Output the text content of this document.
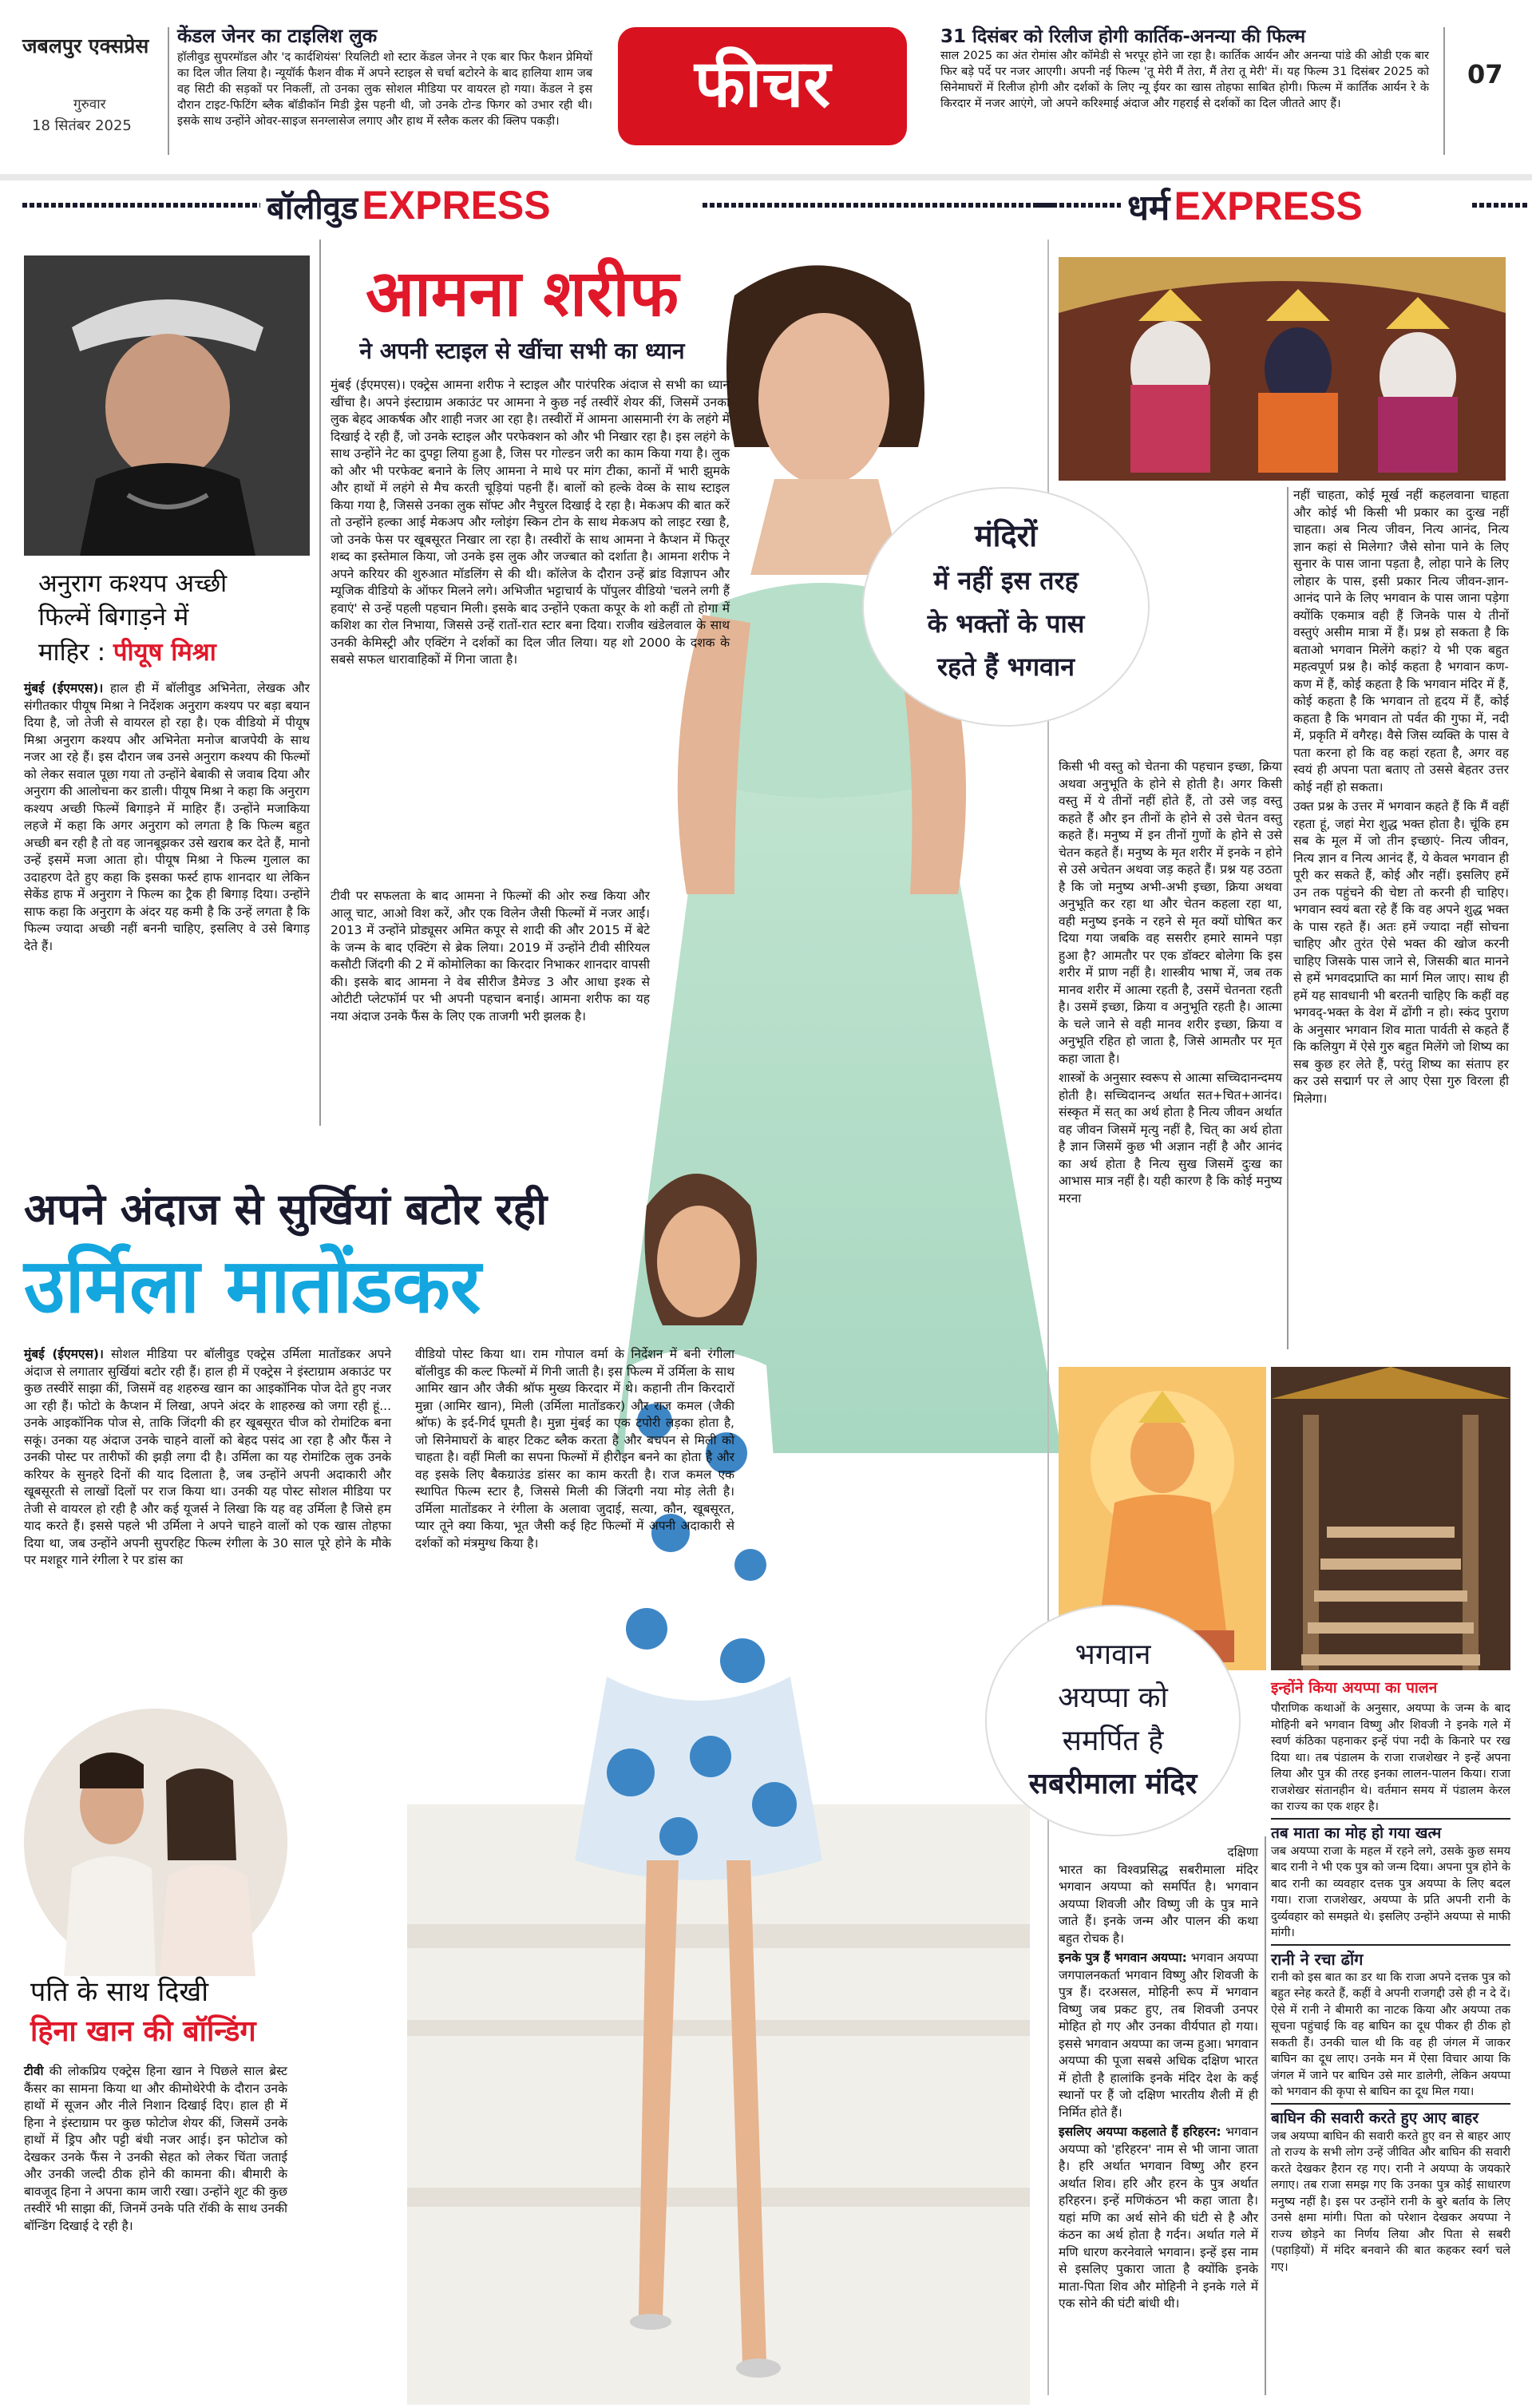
जबलपुर एक्सप्रेस
गुरुवार
18 सितंबर 2025
केंडल जेनर का टाइलिश लुक
हॉलीवुड सुपरमॉडल और 'द कार्दशियंस' रियलिटी शो स्टार केंडल जेनर ने एक बार फिर फैशन प्रेमियों का दिल जीत लिया है। न्यूयॉर्क फैशन वीक में अपने स्टाइल से चर्चा बटोरने के बाद हालिया शाम जब वह सिटी की सड़कों पर निकलीं, तो उनका लुक सोशल मीडिया पर वायरल हो गया। केंडल ने इस दौरान टाइट-फिटिंग ब्लैक बॉडीकॉन मिडी ड्रेस पहनी थी, जो उनके टोन्ड फिगर को उभार रही थी। इसके साथ उन्होंने ओवर-साइज सनग्लासेज लगाए और हाथ में स्लैक कलर की क्लिप पकड़ी।	फीचर
31 दिसंबर को रिलीज होगी कार्तिक-अनन्या की फिल्म
साल 2025 का अंत रोमांस और कॉमेडी से भरपूर होने जा रहा है। कार्तिक आर्यन और अनन्या पांडे की ओडी एक बार फिर बड़े पर्दे पर नजर आएगी। अपनी नई फिल्म 'तू मेरी मैं तेरा, मैं तेरा तू मेरी' में। यह फिल्म 31 दिसंबर 2025 को सिनेमाघरों में रिलीज होगी और दर्शकों के लिए न्यू ईयर का खास तोहफा साबित होगी। फिल्म में कार्तिक आर्यन रे के किरदार में नजर आएंगे, जो अपने करिश्माई अंदाज और गहराई से दर्शकों का दिल जीतते आए हैं।
07
बॉलीवुड EXPRESS	धर्म EXPRESS
अनुराग कश्यप अच्छी
फिल्में बिगाड़ने में
माहिर : पीयूष मिश्रा
मुंबई (ईएमएस)। हाल ही में बॉलीवुड अभिनेता, लेखक और संगीतकार पीयूष मिश्रा ने निर्देशक अनुराग कश्यप पर बड़ा बयान दिया है, जो तेजी से वायरल हो रहा है। एक वीडियो में पीयूष मिश्रा अनुराग कश्यप और अभिनेता मनोज बाजपेयी के साथ नजर आ रहे हैं। इस दौरान जब उनसे अनुराग कश्यप की फिल्मों को लेकर सवाल पूछा गया तो उन्होंने बेबाकी से जवाब दिया और अनुराग की आलोचना कर डाली। पीयूष मिश्रा ने कहा कि अनुराग कश्यप अच्छी फिल्में बिगाड़ने में माहिर हैं। उन्होंने मजाकिया लहजे में कहा कि अगर अनुराग को लगता है कि फिल्म बहुत अच्छी बन रही है तो वह जानबूझकर उसे खराब कर देते हैं, मानो उन्हें इसमें मजा आता हो। पीयूष मिश्रा ने फिल्म गुलाल का उदाहरण देते हुए कहा कि इसका फर्स्ट हाफ शानदार था लेकिन सेकेंड हाफ में अनुराग ने फिल्म का ट्रैक ही बिगाड़ दिया। उन्होंने साफ कहा कि अनुराग के अंदर यह कमी है कि उन्हें लगता है कि फिल्म ज्यादा अच्छी नहीं बननी चाहिए, इसलिए वे उसे बिगाड़ देते हैं।
आमना शरीफ
ने अपनी स्टाइल से खींचा सभी का ध्यान
मुंबई (ईएमएस)। एक्ट्रेस आमना शरीफ ने स्टाइल और पारंपरिक अंदाज से सभी का ध्यान खींचा है। अपने इंस्टाग्राम अकाउंट पर आमना ने कुछ नई तस्वीरें शेयर कीं, जिसमें उनका लुक बेहद आकर्षक और शाही नजर आ रहा है। तस्वीरों में आमना आसमानी रंग के लहंगे में दिखाई दे रही हैं, जो उनके स्टाइल और परफेक्शन को और भी निखार रहा है। इस लहंगे के साथ उन्होंने नेट का दुपट्टा लिया हुआ है, जिस पर गोल्डन जरी का काम किया गया है। लुक को और भी परफेक्ट बनाने के लिए आमना ने माथे पर मांग टीका, कानों में भारी झुमके और हाथों में लहंगे से मैच करती चूड़ियां पहनी हैं। बालों को हल्के वेव्स के साथ स्टाइल किया गया है, जिससे उनका लुक सॉफ्ट और नैचुरल दिखाई दे रहा है। मेकअप की बात करें तो उन्होंने हल्का आई मेकअप और ग्लोइंग स्किन टोन के साथ मेकअप को लाइट रखा है, जो उनके फेस पर खूबसूरत निखार ला रहा है। तस्वीरों के साथ आमना ने कैप्शन में फितूर शब्द का इस्तेमाल किया, जो उनके इस लुक और जज्बात को दर्शाता है। आमना शरीफ ने अपने करियर की शुरुआत मॉडलिंग से की थी। कॉलेज के दौरान उन्हें ब्रांड विज्ञापन और म्यूजिक वीडियो के ऑफर मिलने लगे। अभिजीत भट्टाचार्य के पॉपुलर वीडियो 'चलने लगी हैं हवाएं' से उन्हें पहली पहचान मिली। इसके बाद उन्होंने एकता कपूर के शो कहीं तो होगा में कशिश का रोल निभाया, जिससे उन्हें रातों-रात स्टार बना दिया। राजीव खंडेलवाल के साथ उनकी केमिस्ट्री और एक्टिंग ने दर्शकों का दिल जीत लिया। यह शो 2000 के दशक के सबसे सफल धारावाहिकों में गिना जाता है।
टीवी पर सफलता के बाद आमना ने फिल्मों की ओर रुख किया और आलू चाट, आओ विश करें, और एक विलेन जैसी फिल्मों में नजर आईं। 2013 में उन्होंने प्रोड्यूसर अमित कपूर से शादी की और 2015 में बेटे के जन्म के बाद एक्टिंग से ब्रेक लिया। 2019 में उन्होंने टीवी सीरियल कसौटी जिंदगी की 2 में कोमोलिका का किरदार निभाकर शानदार वापसी की। इसके बाद आमना ने वेब सीरीज डैमेज्ड 3 और आधा इश्क से ओटीटी प्लेटफॉर्म पर भी अपनी पहचान बनाई। आमना शरीफ का यह नया अंदाज उनके फैंस के लिए एक ताजगी भरी झलक है।
अपने अंदाज से सुर्खियां बटोर रही
उर्मिला मातोंडकर
मुंबई (ईएमएस)। सोशल मीडिया पर बॉलीवुड एक्ट्रेस उर्मिला मातोंडकर अपने अंदाज से लगातार सुर्खियां बटोर रही हैं। हाल ही में एक्ट्रेस ने इंस्टाग्राम अकाउंट पर कुछ तस्वीरें साझा कीं, जिसमें वह शहरुख खान का आइकॉनिक पोज देते हुए नजर आ रही हैं। फोटो के कैप्शन में लिखा, अपने अंदर के शाहरुख को जगा रही हूं... उनके आइकॉनिक पोज से, ताकि जिंदगी की हर खूबसूरत चीज को रोमांटिक बना सकूं। उनका यह अंदाज उनके चाहने वालों को बेहद पसंद आ रहा है और फैंस ने उनकी पोस्ट पर तारीफों की झड़ी लगा दी है। उर्मिला का यह रोमांटिक लुक उनके करियर के सुनहरे दिनों की याद दिलाता है, जब उन्होंने अपनी अदाकारी और खूबसूरती से लाखों दिलों पर राज किया था। उनकी यह पोस्ट सोशल मीडिया पर तेजी से वायरल हो रही है और कई यूजर्स ने लिखा कि यह वह उर्मिला है जिसे हम याद करते हैं। इससे पहले भी उर्मिला ने अपने चाहने वालों को एक खास तोहफा दिया था, जब उन्होंने अपनी सुपरहिट फिल्म रंगीला के 30 साल पूरे होने के मौके पर मशहूर गाने रंगीला रे पर डांस का
वीडियो पोस्ट किया था। राम गोपाल वर्मा के निर्देशन में बनी रंगीला बॉलीवुड की कल्ट फिल्मों में गिनी जाती है। इस फिल्म में उर्मिला के साथ आमिर खान और जैकी श्रॉफ मुख्य किरदार में थे। कहानी तीन किरदारों मुन्ना (आमिर खान), मिली (उर्मिला मातोंडकर) और राज कमल (जैकी श्रॉफ) के इर्द-गिर्द घूमती है। मुन्ना मुंबई का एक टपोरी लड़का होता है, जो सिनेमाघरों के बाहर टिकट ब्लैक करता है और बचपन से मिली को चाहता है। वहीं मिली का सपना फिल्मों में हीरोइन बनने का होता है और वह इसके लिए बैकग्राउंड डांसर का काम करती है। राज कमल एक स्थापित फिल्म स्टार है, जिससे मिली की जिंदगी नया मोड़ लेती है। उर्मिला मातोंडकर ने रंगीला के अलावा जुदाई, सत्या, कौन, खूबसूरत, प्यार तूने क्या किया, भूत जैसी कई हिट फिल्मों में अपनी अदाकारी से दर्शकों को मंत्रमुग्ध किया है।
पति के साथ दिखी
हिना खान की बॉन्डिंग
टीवी की लोकप्रिय एक्ट्रेस हिना खान ने पिछले साल ब्रेस्ट कैंसर का सामना किया था और कीमोथेरेपी के दौरान उनके हाथों में सूजन और नीले निशान दिखाई दिए। हाल ही में हिना ने इंस्टाग्राम पर कुछ फोटोज शेयर कीं, जिसमें उनके हाथों में ड्रिप और पट्टी बंधी नजर आई। इन फोटोज को देखकर उनके फैंस ने उनकी सेहत को लेकर चिंता जताई और उनकी जल्दी ठीक होने की कामना की। बीमारी के बावजूद हिना ने अपना काम जारी रखा। उन्होंने शूट की कुछ तस्वीरें भी साझा कीं, जिनमें उनके पति रॉकी के साथ उनकी बॉन्डिंग दिखाई दे रही है।
मंदिरों
में नहीं इस तरह
के भक्तों के पास
रहते हैं भगवान

किसी भी वस्तु को चेतना की पहचान इच्छा, क्रिया अथवा अनुभूति के होने से होती है। अगर किसी वस्तु में ये तीनों नहीं होते हैं, तो उसे जड़ वस्तु कहते हैं और इन तीनों के होने से उसे चेतन वस्तु कहते हैं। मनुष्य में इन तीनों गुणों के होने से उसे चेतन कहते हैं। मनुष्य के मृत शरीर में इनके न होने से उसे अचेतन अथवा जड़ कहते हैं। प्रश्न यह उठता है कि जो मनुष्य अभी-अभी इच्छा, क्रिया अथवा अनुभूति कर रहा था और चेतन कहला रहा था, वही मनुष्य इनके न रहने से मृत क्यों घोषित कर दिया गया जबकि वह ससरीर हमारे सामने पड़ा हुआ है? आमतौर पर एक डॉक्टर बोलेगा कि इस शरीर में प्राण नहीं है। शास्त्रीय भाषा में, जब तक मानव शरीर में आत्मा रहती है, उसमें चेतनता रहती है। उसमें इच्छा, क्रिया व अनुभूति रहती है। आत्मा के चले जाने से वही मानव शरीर इच्छा, क्रिया व अनुभूति रहित हो जाता है, जिसे आमतौर पर मृत कहा जाता है।

शास्त्रों के अनुसार स्वरूप से आत्मा सच्चिदानन्दमय होती है। सच्चिदानन्द अर्थात सत+चित+आनंद। संस्कृत में सत् का अर्थ होता है नित्य जीवन अर्थात वह जीवन जिसमें मृत्यु नहीं है, चित् का अर्थ होता है ज्ञान जिसमें कुछ भी अज्ञान नहीं है और आनंद का अर्थ होता है नित्य सुख जिसमें दुःख का आभास मात्र नहीं है। यही कारण है कि कोई मनुष्य मरना

नहीं चाहता, कोई मूर्ख नहीं कहलवाना चाहता और कोई भी किसी भी प्रकार का दुःख नहीं चाहता। अब नित्य जीवन, नित्य आनंद, नित्य ज्ञान कहां से मिलेगा? जैसे सोना पाने के लिए सुनार के पास जाना पड़ता है, लोहा पाने के लिए लोहार के पास, इसी प्रकार नित्य जीवन-ज्ञान-आनंद पाने के लिए भगवान के पास जाना पड़ेगा क्योंकि एकमात्र वही हैं जिनके पास ये तीनों वस्तुएं असीम मात्रा में हैं। प्रश्न हो सकता है कि बताओ भगवान मिलेंगे कहां? ये भी एक बहुत महत्वपूर्ण प्रश्न है। कोई कहता है भगवान कण-कण में हैं, कोई कहता है कि भगवान मंदिर में हैं, कोई कहता है कि भगवान तो हृदय में हैं, कोई कहता है कि भगवान तो पर्वत की गुफा में, नदी में, प्रकृति में वगैरह। वैसे जिस व्यक्ति के पास वे पता करना हो कि वह कहां रहता है, अगर वह स्वयं ही अपना पता बताए तो उससे बेहतर उत्तर कोई नहीं हो सकता।

उक्त प्रश्न के उत्तर में भगवान कहते हैं कि मैं वहीं रहता हूं, जहां मेरा शुद्ध भक्त होता है। चूंकि हम सब के मूल में जो तीन इच्छाएं- नित्य जीवन, नित्य ज्ञान व नित्य आनंद हैं, ये केवल भगवान ही पूरी कर सकते हैं, कोई और नहीं। इसलिए हमें उन तक पहुंचने की चेष्टा तो करनी ही चाहिए। भगवान स्वयं बता रहे हैं कि वह अपने शुद्ध भक्त के पास रहते हैं। अतः हमें ज्यादा नहीं सोचना चाहिए और तुरंत ऐसे भक्त की खोज करनी चाहिए जिसके पास जाने से, जिसकी बात मानने से हमें भगवदप्राप्ति का मार्ग मिल जाए। साथ ही हमें यह सावधानी भी बरतनी चाहिए कि कहीं वह भगवद्-भक्त के वेश में ढोंगी न हो। स्कंद पुराण के अनुसार भगवान शिव माता पार्वती से कहते हैं कि कलियुग में ऐसे गुरु बहुत मिलेंगे जो शिष्य का सब कुछ हर लेते हैं, परंतु शिष्य का संताप हर कर उसे सद्मार्ग पर ले आए ऐसा गुरु विरला ही मिलेगा।

भगवान
अयप्पा को
समर्पित है
सबरीमाला मंदिर
इन्होंने किया अयप्पा का पालन

पौराणिक कथाओं के अनुसार, अयप्पा के जन्म के बाद मोहिनी बने भगवान विष्णु और शिवजी ने इनके गले में स्वर्ण कंठिका पहनाकर इन्हें पंपा नदी के किनारे पर रख दिया था। तब पंडालम के राजा राजशेखर ने इन्हें अपना लिया और पुत्र की तरह इनका लालन-पालन किया। राजा राजशेखर संतानहीन थे। वर्तमान समय में पंडालम केरल का राज्य का एक शहर है।

तब माता का मोह हो गया खत्म

जब अयप्पा राजा के महल में रहने लगे, उसके कुछ समय बाद रानी ने भी एक पुत्र को जन्म दिया। अपना पुत्र होने के बाद रानी का व्यवहार दत्तक पुत्र अयप्पा के लिए बदल गया। राजा राजशेखर, अयप्पा के प्रति अपनी रानी के दुर्व्यवहार को समझते थे। इसलिए उन्होंने अयप्पा से माफी मांगी।

रानी ने रचा ढोंग

रानी को इस बात का डर था कि राजा अपने दत्तक पुत्र को बहुत स्नेह करते हैं, कहीं वे अपनी राजगद्दी उसे ही न दे दें। ऐसे में रानी ने बीमारी का नाटक किया और अयप्पा तक सूचना पहुंचाई कि वह बाघिन का दूध पीकर ही ठीक हो सकती हैं। उनकी चाल थी कि वह ही जंगल में जाकर बाघिन का दूध लाए। उनके मन में ऐसा विचार आया कि जंगल में जाने पर बाघिन उसे मार डालेगी, लेकिन अयप्पा को भगवान की कृपा से बाघिन का दूध मिल गया।

बाघिन की सवारी करते हुए आए बाहर

जब अयप्पा बाघिन की सवारी करते हुए वन से बाहर आए तो राज्य के सभी लोग उन्हें जीवित और बाघिन की सवारी करते देखकर हैरान रह गए। रानी ने अयप्पा के जयकारे लगाए। तब राजा समझ गए कि उनका पुत्र कोई साधारण मनुष्य नहीं है। इस पर उन्होंने रानी के बुरे बर्ताव के लिए उनसे क्षमा मांगी। पिता को परेशान देखकर अयप्पा ने राज्य छोड़ने का निर्णय लिया और पिता से सबरी (पहाड़ियों) में मंदिर बनवाने की बात कहकर स्वर्ग चले गए।

दक्षिणा

भारत का विश्वप्रसिद्ध सबरीमाला मंदिर भगवान अयप्पा को समर्पित है। भगवान अयप्पा शिवजी और विष्णु जी के पुत्र माने जाते हैं। इनके जन्म और पालन की कथा बहुत रोचक है।

इनके पुत्र हैं भगवान अयप्पा: भगवान अयप्पा जगपालनकर्ता भगवान विष्णु और शिवजी के पुत्र हैं। दरअसल, मोहिनी रूप में भगवान विष्णु जब प्रकट हुए, तब शिवजी उनपर मोहित हो गए और उनका वीर्यपात हो गया। इससे भगवान अयप्पा का जन्म हुआ। भगवान अयप्पा की पूजा सबसे अधिक दक्षिण भारत में होती है हालांकि इनके मंदिर देश के कई स्थानों पर हैं जो दक्षिण भारतीय शैली में ही निर्मित होते हैं।

इसलिए अयप्पा कहलाते हैं हरिहरन: भगवान अयप्पा को 'हरिहरन' नाम से भी जाना जाता है। हरि अर्थात भगवान विष्णु और हरन अर्थात शिव। हरि और हरन के पुत्र अर्थात हरिहरन। इन्हें मणिकंठन भी कहा जाता है। यहां मणि का अर्थ सोने की घंटी से है और कंठन का अर्थ होता है गर्दन। अर्थात गले में मणि धारण करनेवाले भगवान। इन्हें इस नाम से इसलिए पुकारा जाता है क्योंकि इनके माता-पिता शिव और मोहिनी ने इनके गले में एक सोने की घंटी बांधी थी।
